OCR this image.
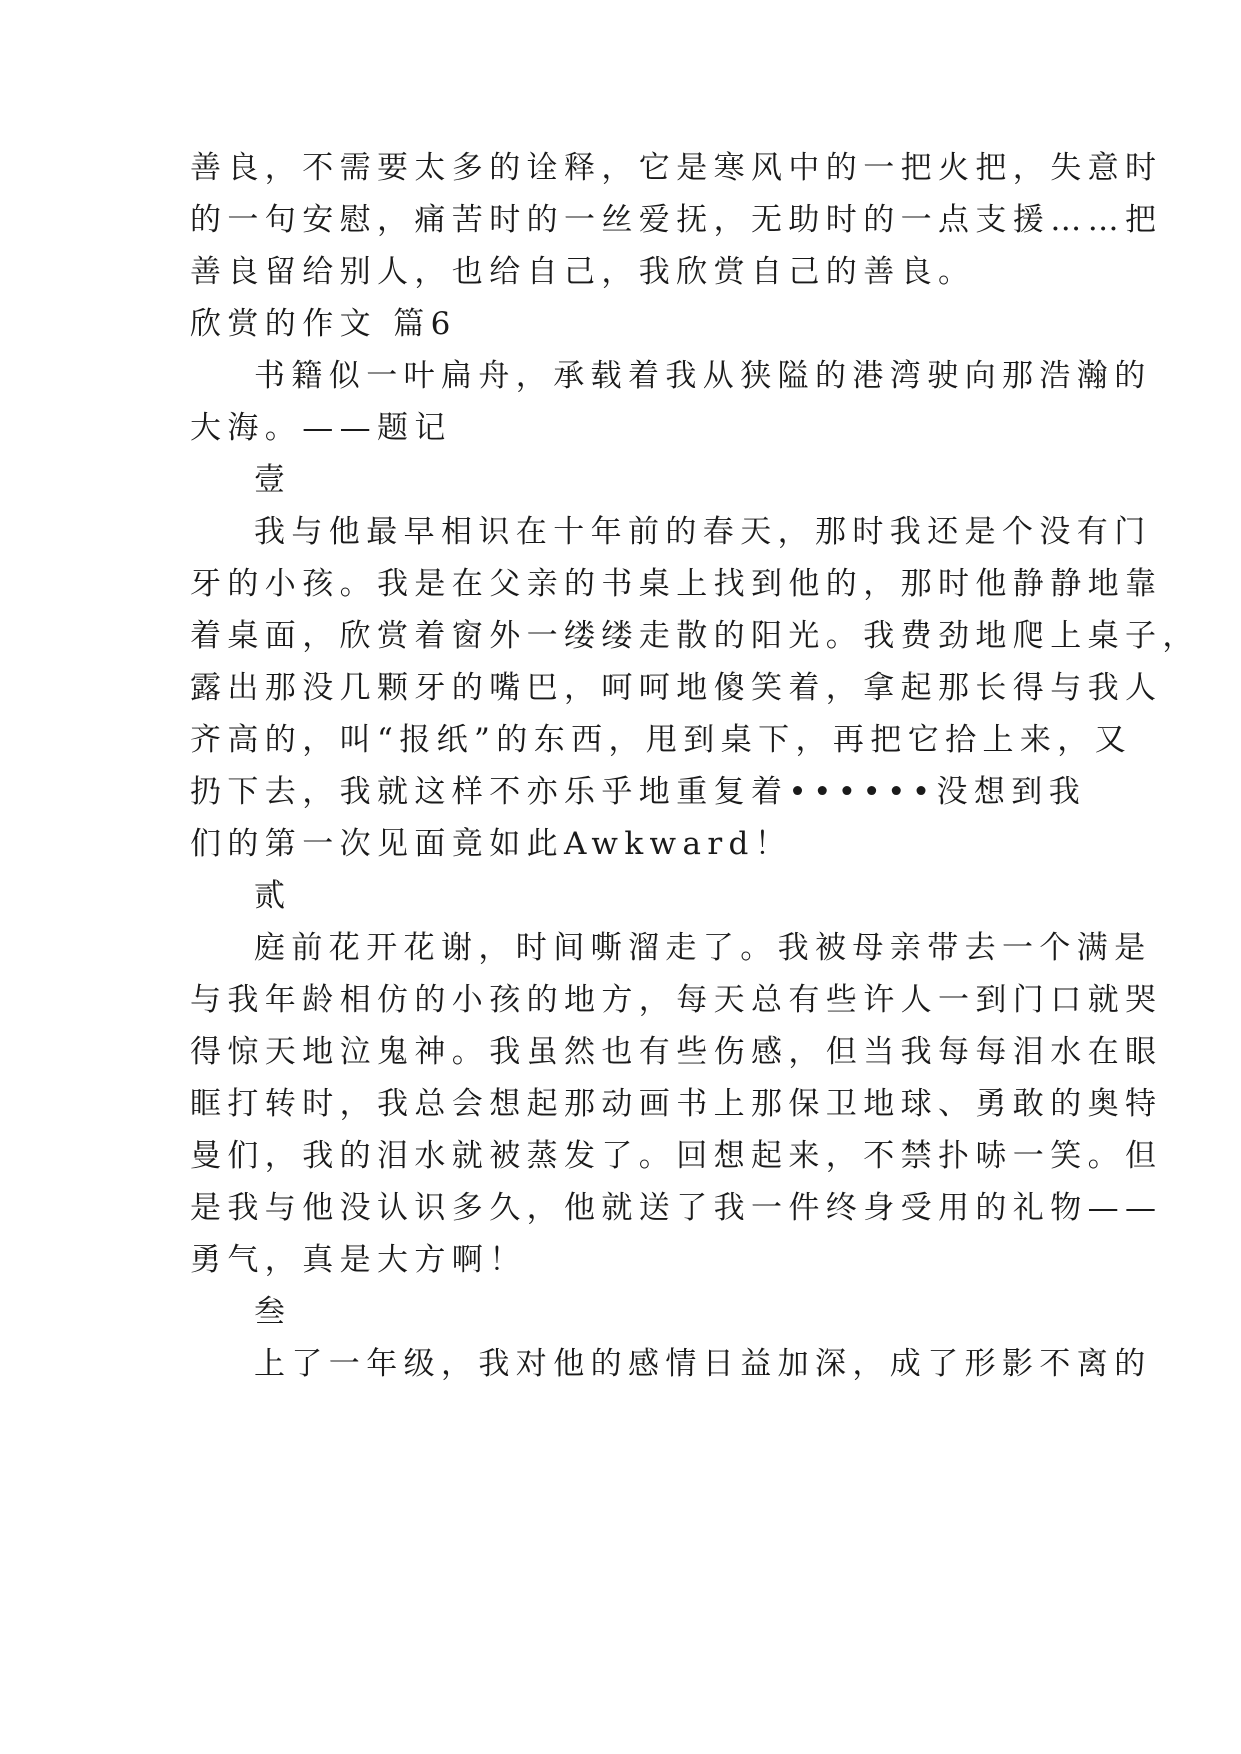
善良，不需要太多的诠释，它是寒风中的一把火把，失意时
的一句安慰，痛苦时的一丝爱抚，无助时的一点支援……把
善良留给别人，也给自己，我欣赏自己的善良。
欣赏的作文 篇6
书籍似一叶扁舟，承载着我从狭隘的港湾驶向那浩瀚的
大海。——题记
壹
我与他最早相识在十年前的春天，那时我还是个没有门
牙的小孩。我是在父亲的书桌上找到他的，那时他静静地靠
着桌面，欣赏着窗外一缕缕走散的阳光。我费劲地爬上桌子，
露出那没几颗牙的嘴巴，呵呵地傻笑着，拿起那长得与我人
齐高的，叫“报纸”的东西，甩到桌下，再把它拾上来，又
扔下去，我就这样不亦乐乎地重复着••••••没想到我
们的第一次见面竟如此Awkward！
贰
庭前花开花谢，时间嘶溜走了。我被母亲带去一个满是
与我年龄相仿的小孩的地方，每天总有些许人一到门口就哭
得惊天地泣鬼神。我虽然也有些伤感，但当我每每泪水在眼
眶打转时，我总会想起那动画书上那保卫地球、勇敢的奥特
曼们，我的泪水就被蒸发了。回想起来，不禁扑哧一笑。但
是我与他没认识多久，他就送了我一件终身受用的礼物——
勇气，真是大方啊！
叁
上了一年级，我对他的感情日益加深，成了形影不离的
